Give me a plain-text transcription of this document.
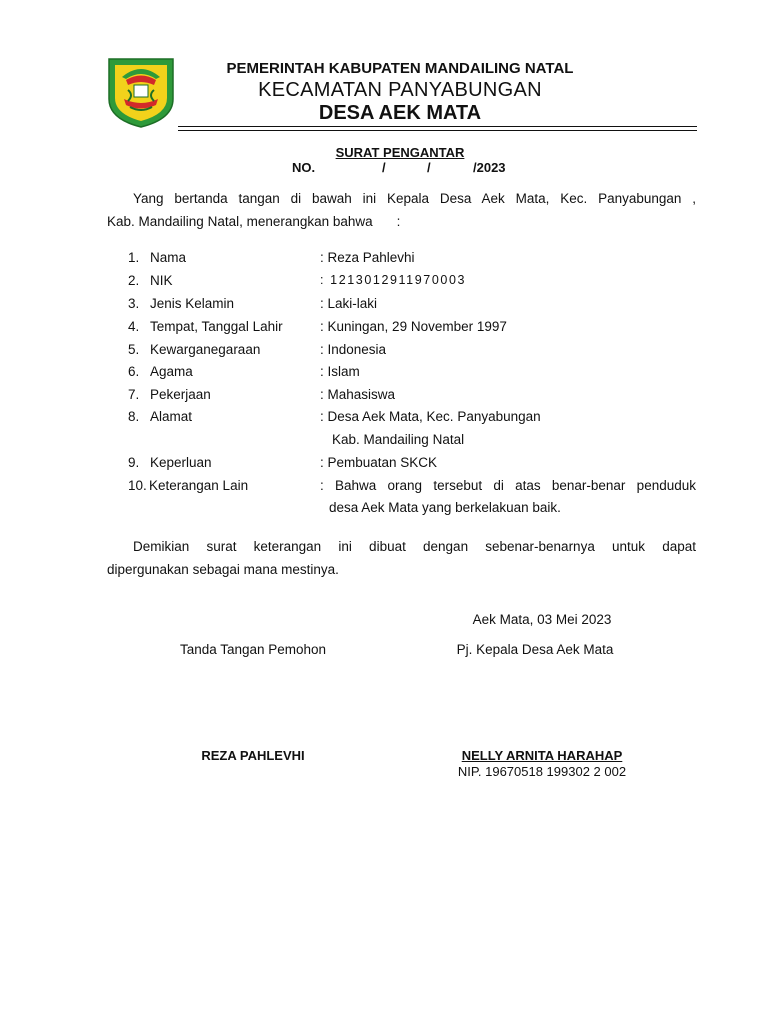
PEMERINTAH KABUPATEN MANDAILING NATAL
KECAMATAN PANYABUNGAN
DESA AEK MATA
SURAT PENGANTAR
NO.	/	/	/2023
Yang bertanda tangan di bawah ini Kepala Desa Aek Mata, Kec. Panyabungan ,
Kab. Mandailing Natal, menerangkan bahwa :
1. Nama	: Reza Pahlevhi
2. NIK	: 1213012911970003
3. Jenis Kelamin	: Laki-laki
4. Tempat, Tanggal Lahir	: Kuningan, 29 November 1997
5. Kewarganegaraan	: Indonesia
6. Agama	: Islam
7. Pekerjaan	: Mahasiswa
8. Alamat	: Desa Aek Mata, Kec. Panyabungan
Kab. Mandailing Natal
9. Keperluan	: Pembuatan SKCK
10. Keterangan Lain	: Bahwa orang tersebut di atas benar-benar penduduk
desa Aek Mata yang berkelakuan baik.
Demikian surat keterangan ini dibuat dengan sebenar-benarnya untuk dapat
dipergunakan sebagai mana mestinya.
Aek Mata, 03 Mei 2023
Tanda Tangan Pemohon	Pj. Kepala Desa Aek Mata
REZA PAHLEVHI	NELLY ARNITA HARAHAP
NIP. 19670518 199302 2 002
